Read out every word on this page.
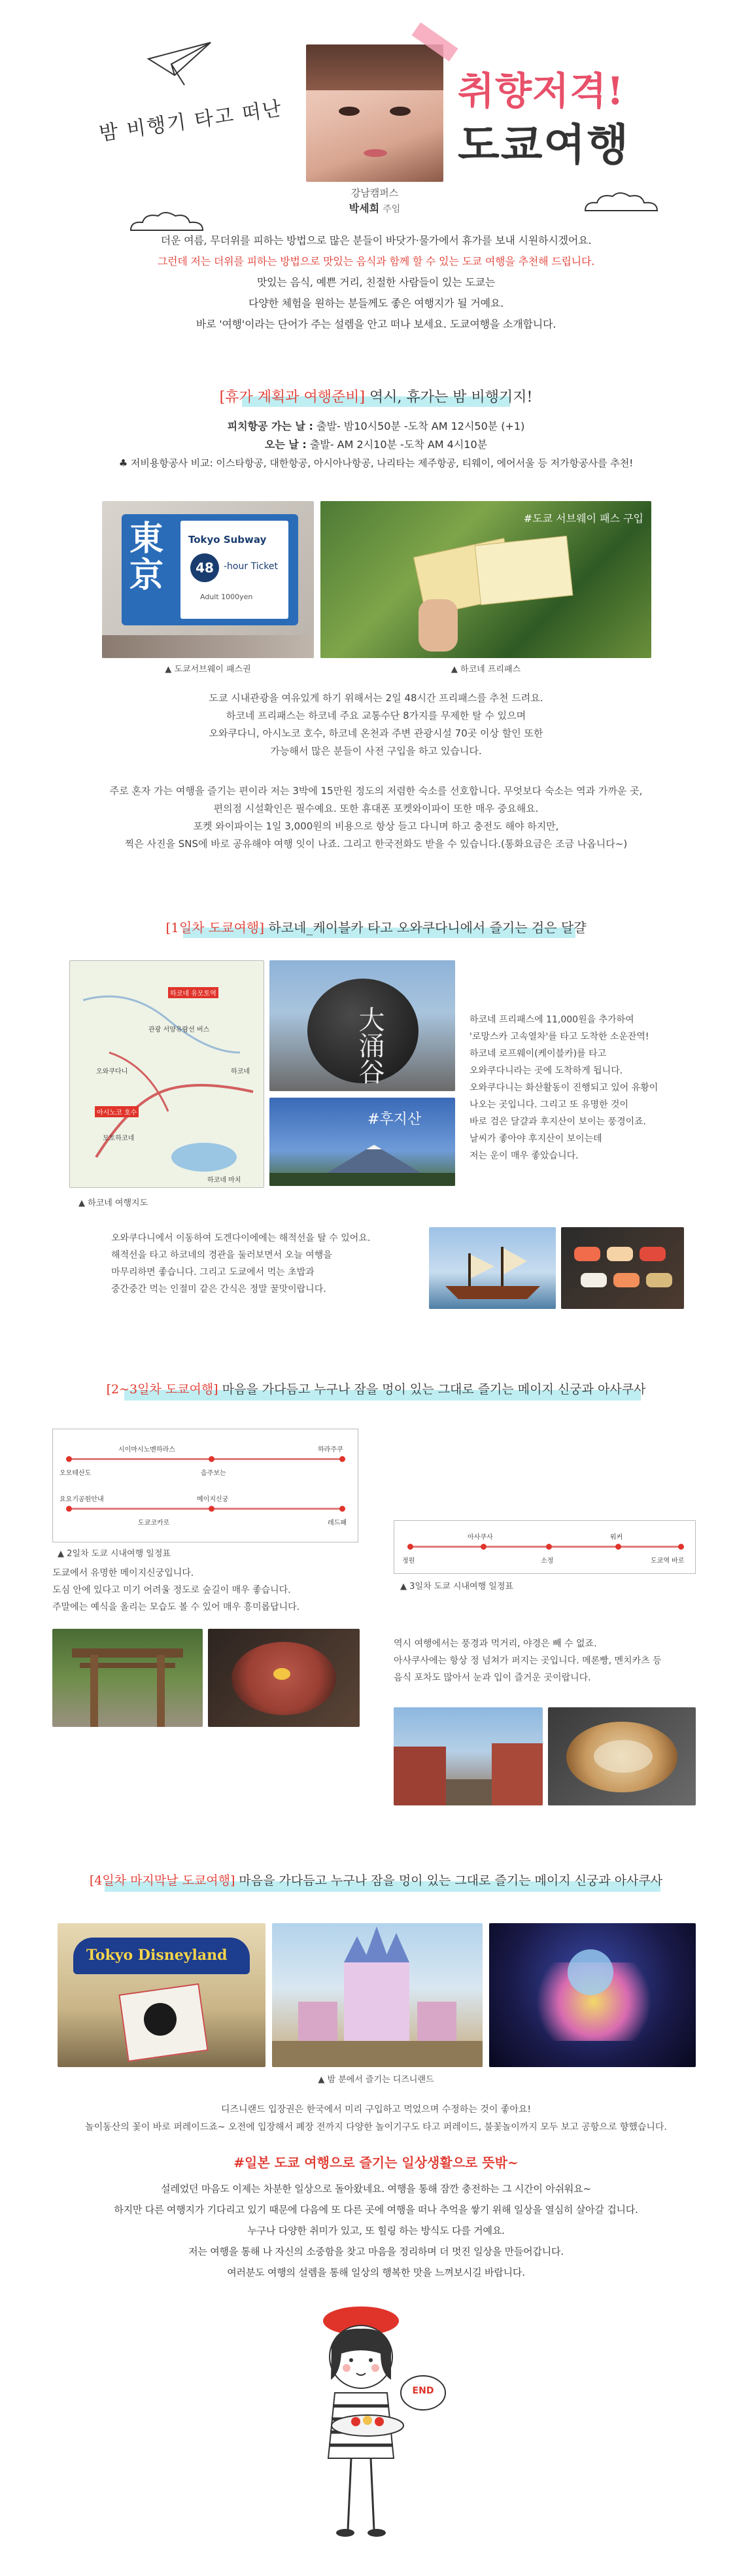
밤 비행기 타고 떠난
강남캠퍼스
박세희 주임
취향저격!
도쿄여행
더운 여름, 무더위를 피하는 방법으로 많은 분들이 바닷가·물가에서 휴가를 보내 시원하시겠어요.
그런데 저는 더위를 피하는 방법으로 맛있는 음식과 함께 할 수 있는 도쿄 여행을 추천해 드립니다.
맛있는 음식, 예쁜 거리, 친절한 사람들이 있는 도쿄는
다양한 체험을 원하는 분들께도 좋은 여행지가 될 거예요.
바로 '여행'이라는 단어가 주는 설렘을 안고 떠나 보세요. 도쿄여행을 소개합니다.
[휴가 계획과 여행준비] 역시, 휴가는 밤 비행기지!
피치항공 가는 날 : 출발- 밤10시50분 -도착 AM 12시50분 (+1)
오는 날 : 출발- AM 2시10분 -도착 AM 4시10분
♣ 저비용항공사 비교: 이스타항공, 대한항공, 아시아나항공, 나리타는 제주항공, 티웨이, 에어서울 등 저가항공사를 추천!
東京
Tokyo Subway
48	-hour Ticket
Adult 1000yen
▲ 도쿄서브웨이 패스권
#도쿄 서브웨이 패스 구입
▲ 하코네 프리패스
도쿄 시내관광을 여유있게 하기 위해서는 2일 48시간 프리패스를 추천 드려요.
하코네 프리패스는 하코네 주요 교통수단 8가지를 무제한 탈 수 있으며
오와쿠다니, 아시노코 호수, 하코네 온천과 주변 관광시설 70곳 이상 할인 또한
가능해서 많은 분들이 사전 구입을 하고 있습니다.
주로 혼자 가는 여행을 즐기는 편이라 저는 3박에 15만원 정도의 저렴한 숙소를 선호합니다. 무엇보다 숙소는 역과 가까운 곳,
편의점 시설확인은 필수예요. 또한 휴대폰 포켓와이파이 또한 매우 중요해요.
포켓 와이파이는 1일 3,000원의 비용으로 항상 들고 다니며 하고 충전도 해야 하지만,
찍은 사진을 SNS에 바로 공유해야 여행 잇이 나죠. 그리고 한국전화도 받을 수 있습니다.(통화요금은 조금 나옵니다~)
[1일차 도쿄여행] 하코네_케이블카 타고 오와쿠다니에서 즐기는 검은 달걀
하코네 유모토역
관광 서양유람선 버스
하코네
오와쿠다니
아시노코 호수
하코네 마치
모토하코네
▲ 하코네 여행지도
大涌谷
#후지산
하코네 프리패스에 11,000원을 추가하여
'로망스카 고속열차'를 타고 도착한 소운잔역!
하코네 로프웨이(케이블카)를 타고
오와쿠다니라는 곳에 도착하게 됩니다.
오와쿠다니는 화산활동이 진행되고 있어 유황이
나오는 곳입니다. 그리고 또 유명한 것이
바로 검은 달걀과 후지산이 보이는 풍경이죠.
날씨가 좋아야 후지산이 보이는데
저는 운이 매우 좋았습니다.
오와쿠다니에서 이동하여 도겐다이에에는 해적선을 탈 수 있어요.
해적선을 타고 하코네의 경관을 둘러보면서 오늘 여행을
마무리하면 좋습니다. 그리고 도쿄에서 먹는 초밥과
중간중간 먹는 인절미 같은 간식은 정말 꿀맛이랍니다.
[2~3일차 도쿄여행] 마음을 가다듬고 누구나 잠을 멍이 있는 그대로 즐기는 메이지 신궁과 아사쿠사
시이마시노멘하라스	하라주쿠
오모테산도	음주보는
요요기공원안내	메이지신궁
도쿄코카로	레드패
▲ 2일차 도쿄 시내여행 일정표
아사쿠사	워커
정원	소정	도쿄역 바로
▲ 3일차 도쿄 시내여행 일정표
도쿄에서 유명한 메이지신궁입니다.
도심 안에 있다고 미기 어려울 정도로 숲길이 매우 좋습니다.
주말에는 예식을 올리는 모습도 볼 수 있어 매우 흥미롭답니다.
역시 여행에서는 풍경과 먹거리, 야경은 빼 수 없죠.
아사쿠사에는 항상 정 넘쳐가 퍼지는 곳입니다. 메론빵, 멘치카츠 등
음식 포차도 많아서 눈과 입이 즐거운 곳이랍니다.
[4일차 마지막날 도쿄여행] 마음을 가다듬고 누구나 잠을 멍이 있는 그대로 즐기는 메이지 신궁과 아사쿠사
Tokyo Disneyland
▲ 밤 분에서 즐기는 디즈니랜드
디즈니랜드 입장권은 한국에서 미리 구입하고 먹었으며 수정하는 것이 좋아요!
놀이동산의 꽃이 바로 퍼레이드죠~ 오전에 입장해서 폐장 전까지 다양한 놀이기구도 타고 퍼레이드, 불꽃놀이까지 모두 보고 공항으로 향했습니다.
#일본 도쿄 여행으로 즐기는 일상생활으로 뜻밖~
설레었던 마음도 이제는 차분한 일상으로 돌아왔네요. 여행을 통해 잠깐 충전하는 그 시간이 아쉬워요~
하지만 다른 여행지가 기다리고 있기 때문에 다음에 또 다른 곳에 여행을 떠나 추억을 쌓기 위해 일상을 열심히 살아갈 겁니다.
누구나 다양한 취미가 있고, 또 힐링 하는 방식도 다를 거예요.
저는 여행을 통해 나 자신의 소중함을 찾고 마음을 정리하며 더 멋진 일상을 만들어갑니다.
여러분도 여행의 설렘을 통해 일상의 행복한 맛을 느껴보시길 바랍니다.
END
